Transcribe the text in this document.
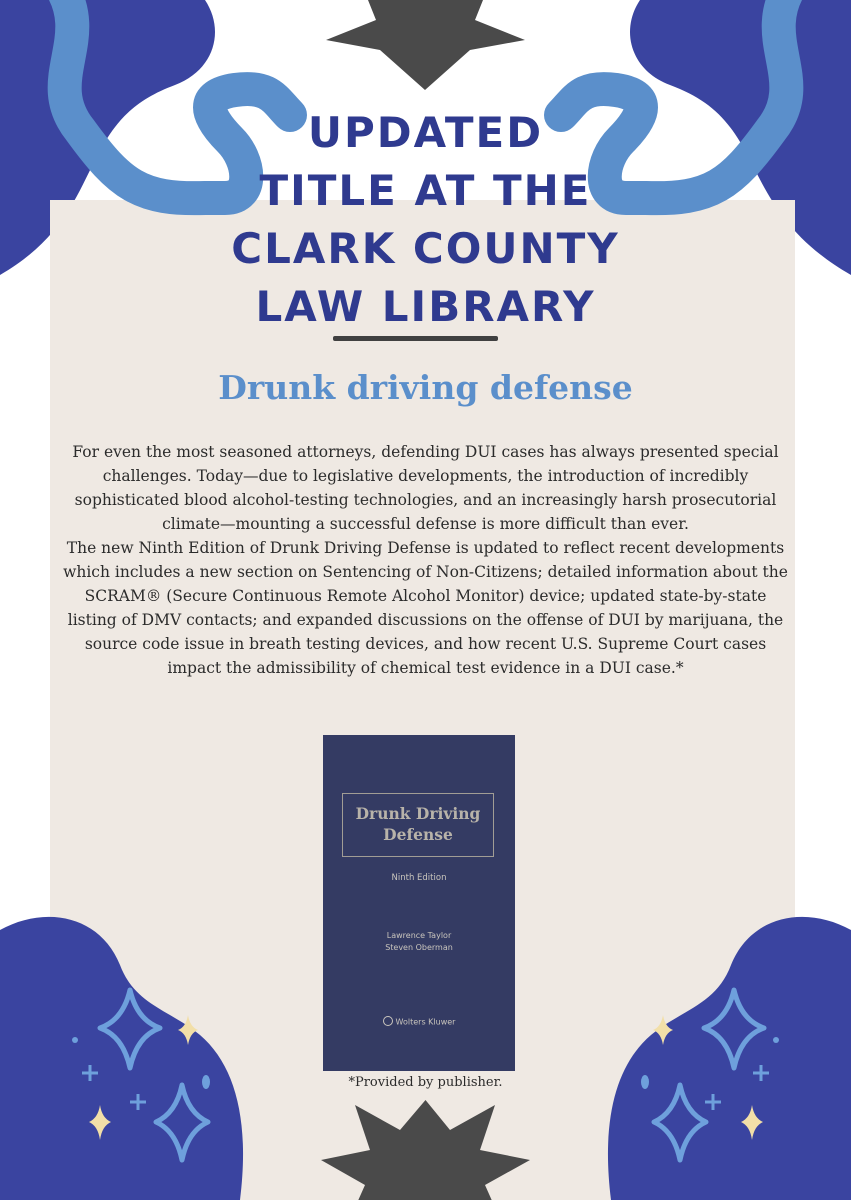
UPDATED
TITLE AT THE
CLARK COUNTY
LAW LIBRARY
Drunk driving defense

For even the most seasoned attorneys, defending DUI cases has always presented special challenges. Today—due to legislative developments, the introduction of incredibly sophisticated blood alcohol-testing technologies, and an increasingly harsh prosecutorial climate—mounting a successful defense is more difficult than ever.

The new Ninth Edition of Drunk Driving Defense is updated to reflect recent developments which includes a new section on Sentencing of Non-Citizens; detailed information about the SCRAM® (Secure Continuous Remote Alcohol Monitor) device; updated state-by-state listing of DMV contacts; and expanded discussions on the offense of DUI by marijuana, the source code issue in breath testing devices, and how recent U.S. Supreme Court cases impact the admissibility of chemical test evidence in a DUI case.*

Drunk Driving
Defense
Ninth Edition
Lawrence Taylor
Steven Oberman
Wolters Kluwer
*Provided by publisher.
